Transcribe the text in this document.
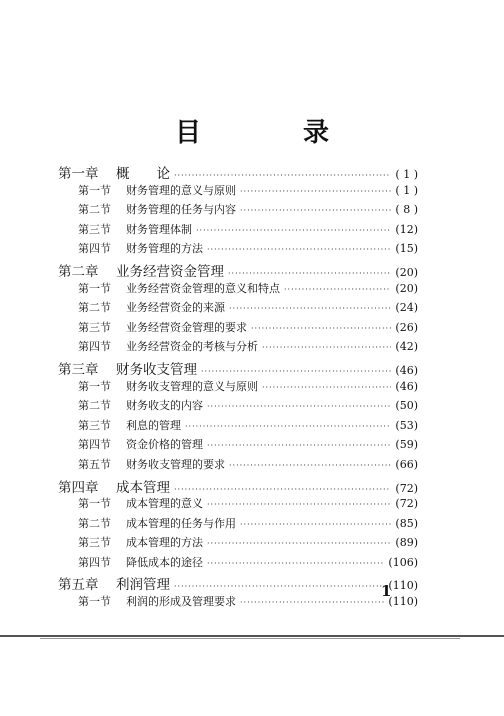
目　录
第一章	概　　论 ·····	( 1 )
第一节	财务管理的意义与原则 ·····	( 1 )
第二节	财务管理的任务与内容 ·····	( 8 )
第三节	财务管理体制 ·····	(12)
第四节	财务管理的方法 ·····	(15)
第二章	业务经营资金管理 ·····	(20)
第一节	业务经营资金管理的意义和特点 ·····	(20)
第二节	业务经营资金的来源 ·····	(24)
第三节	业务经营资金管理的要求 ·····	(26)
第四节	业务经营资金的考核与分析 ·····	(42)
第三章	财务收支管理 ·····	(46)
第一节	财务收支管理的意义与原则 ·····	(46)
第二节	财务收支的内容 ·····	(50)
第三节	利息的管理 ·····	(53)
第四节	资金价格的管理 ·····	(59)
第五节	财务收支管理的要求 ·····	(66)
第四章	成本管理 ·····	(72)
第一节	成本管理的意义 ·····	(72)
第二节	成本管理的任务与作用 ·····	(85)
第三节	成本管理的方法 ·····	(89)
第四节	降低成本的途径 ·····	(106)
第五章	利润管理 ·····	(110)
第一节	利润的形成及管理要求 ·····	(110)
1
